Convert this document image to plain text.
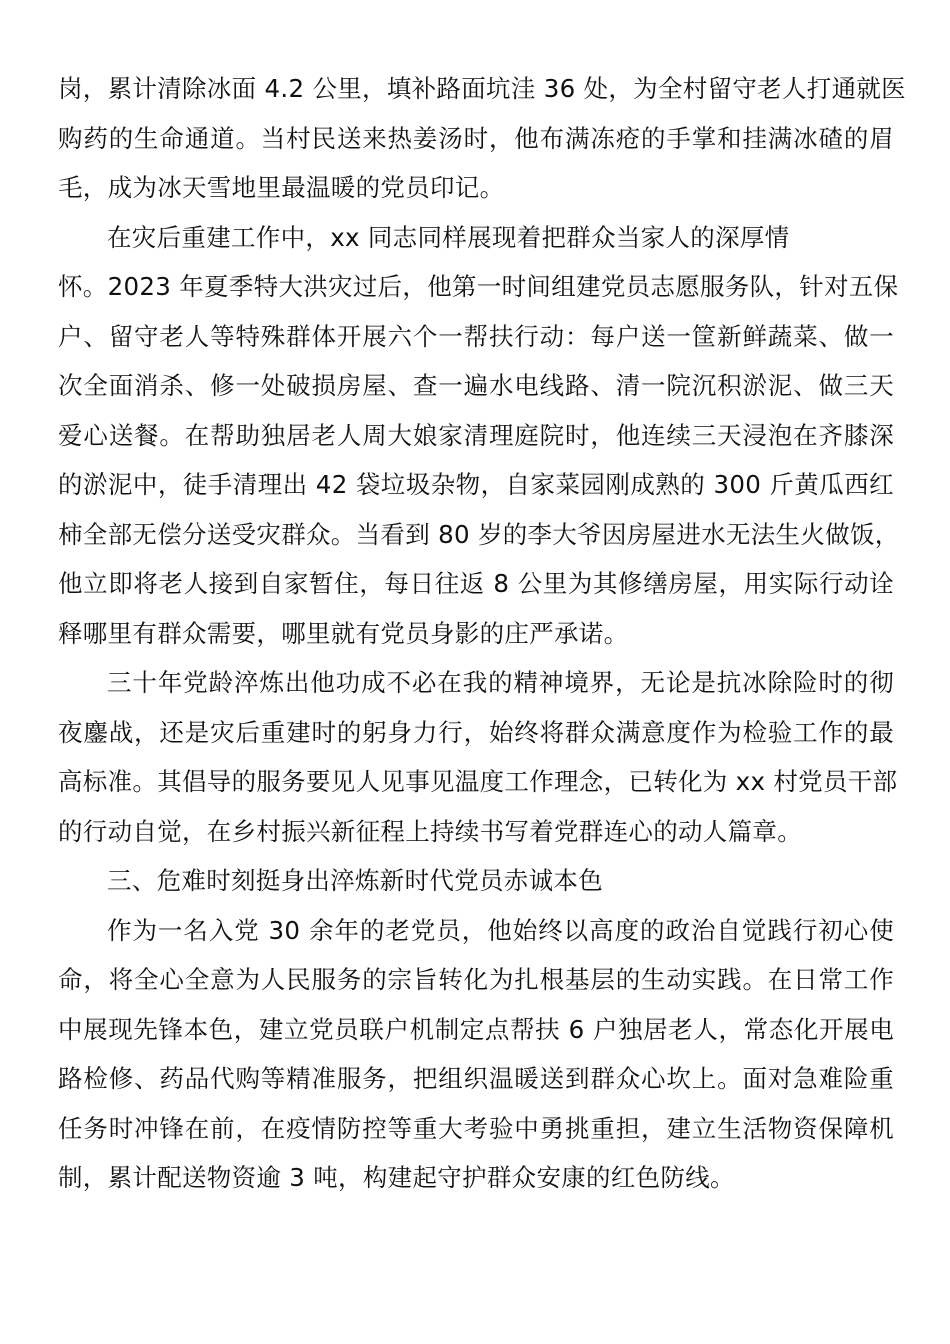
岗，累计清除冰面 4.2 公里，填补路面坑洼 36 处，为全村留守老人打通就医
购药的生命通道。当村民送来热姜汤时，他布满冻疮的手掌和挂满冰碴的眉
毛，成为冰天雪地里最温暖的党员印记。

在灾后重建工作中，xx 同志同样展现着把群众当家人的深厚情
怀。2023 年夏季特大洪灾过后，他第一时间组建党员志愿服务队，针对五保
户、留守老人等特殊群体开展六个一帮扶行动：每户送一筐新鲜蔬菜、做一
次全面消杀、修一处破损房屋、查一遍水电线路、清一院沉积淤泥、做三天
爱心送餐。在帮助独居老人周大娘家清理庭院时，他连续三天浸泡在齐膝深
的淤泥中，徒手清理出 42 袋垃圾杂物，自家菜园刚成熟的 300 斤黄瓜西红
柿全部无偿分送受灾群众。当看到 80 岁的李大爷因房屋进水无法生火做饭，
他立即将老人接到自家暂住，每日往返 8 公里为其修缮房屋，用实际行动诠
释哪里有群众需要，哪里就有党员身影的庄严承诺。

三十年党龄淬炼出他功成不必在我的精神境界，无论是抗冰除险时的彻
夜鏖战，还是灾后重建时的躬身力行，始终将群众满意度作为检验工作的最
高标准。其倡导的服务要见人见事见温度工作理念，已转化为 xx 村党员干部
的行动自觉，在乡村振兴新征程上持续书写着党群连心的动人篇章。

三、危难时刻挺身出淬炼新时代党员赤诚本色

作为一名入党 30 余年的老党员，他始终以高度的政治自觉践行初心使
命，将全心全意为人民服务的宗旨转化为扎根基层的生动实践。在日常工作
中展现先锋本色，建立党员联户机制定点帮扶 6 户独居老人，常态化开展电
路检修、药品代购等精准服务，把组织温暖送到群众心坎上。面对急难险重
任务时冲锋在前，在疫情防控等重大考验中勇挑重担，建立生活物资保障机
制，累计配送物资逾 3 吨，构建起守护群众安康的红色防线。
